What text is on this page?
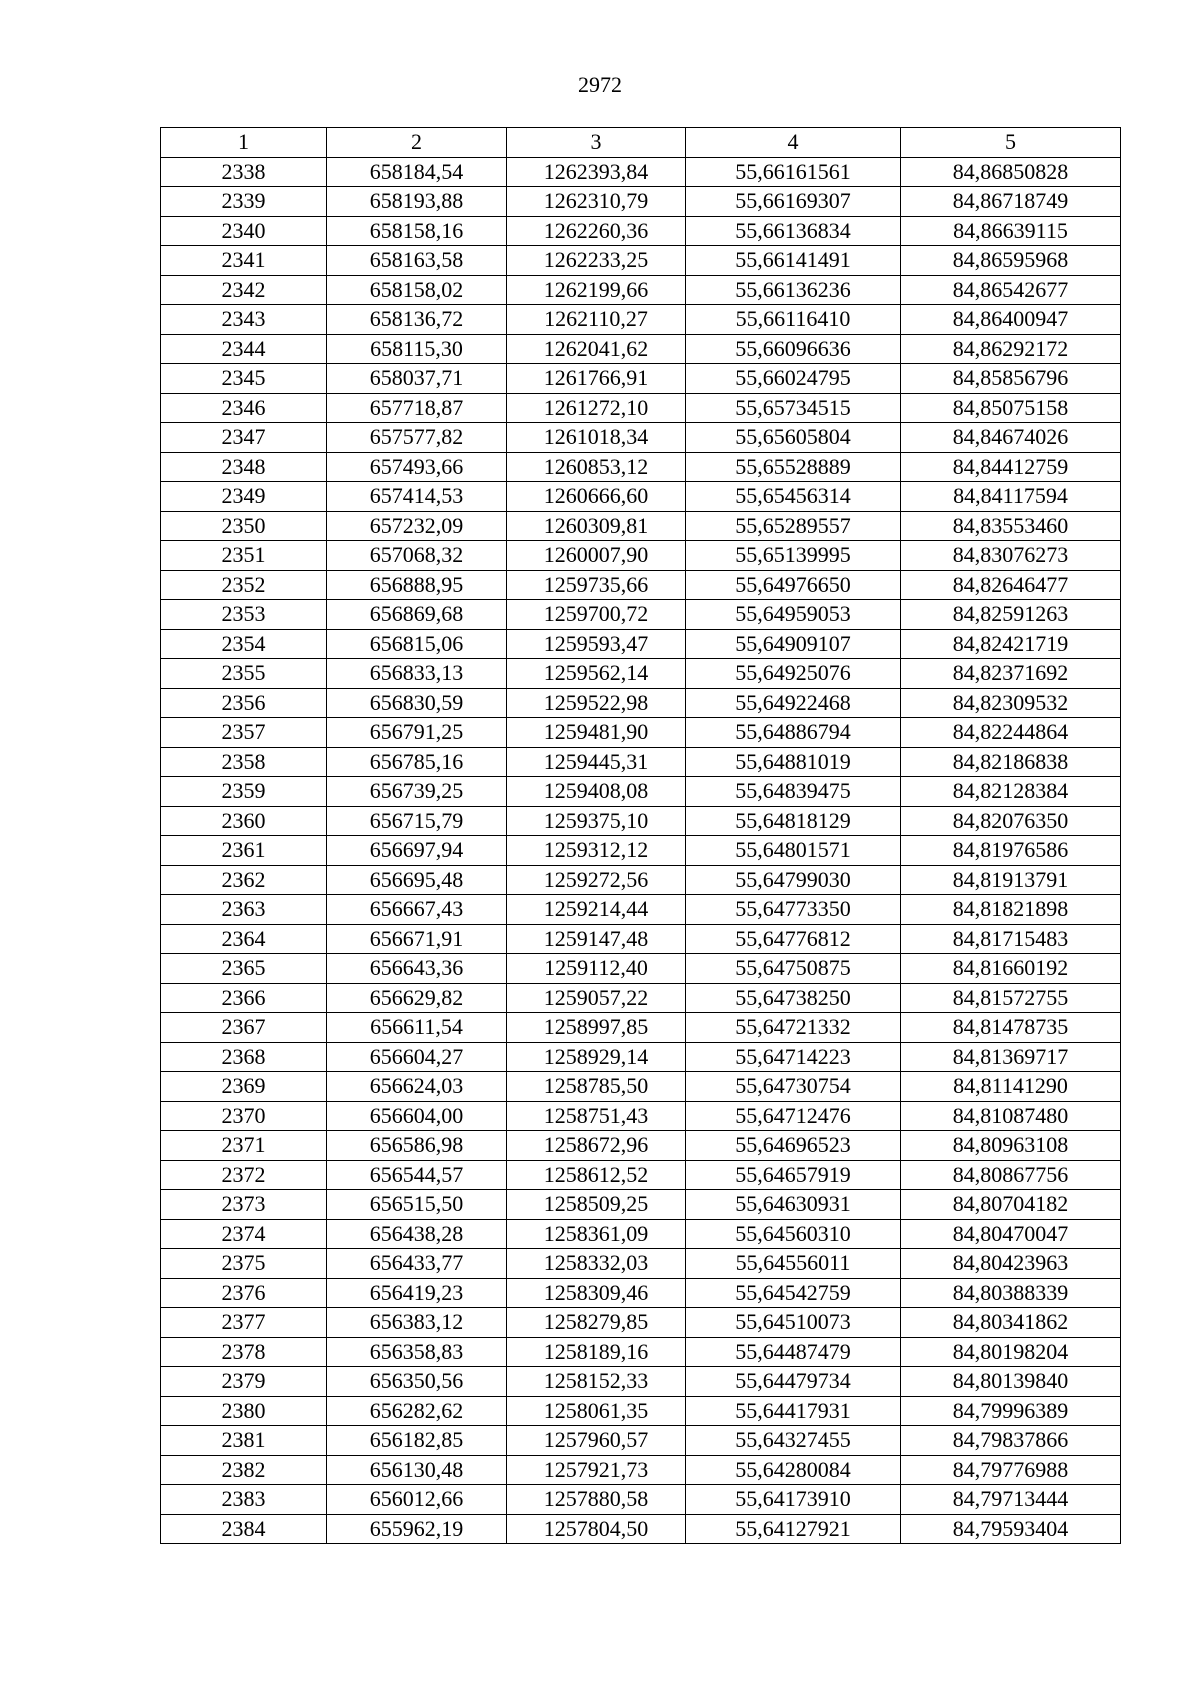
2972
1	2	3	4	5
2338	658184,54	1262393,84	55,66161561	84,86850828
2339	658193,88	1262310,79	55,66169307	84,86718749
2340	658158,16	1262260,36	55,66136834	84,86639115
2341	658163,58	1262233,25	55,66141491	84,86595968
2342	658158,02	1262199,66	55,66136236	84,86542677
2343	658136,72	1262110,27	55,66116410	84,86400947
2344	658115,30	1262041,62	55,66096636	84,86292172
2345	658037,71	1261766,91	55,66024795	84,85856796
2346	657718,87	1261272,10	55,65734515	84,85075158
2347	657577,82	1261018,34	55,65605804	84,84674026
2348	657493,66	1260853,12	55,65528889	84,84412759
2349	657414,53	1260666,60	55,65456314	84,84117594
2350	657232,09	1260309,81	55,65289557	84,83553460
2351	657068,32	1260007,90	55,65139995	84,83076273
2352	656888,95	1259735,66	55,64976650	84,82646477
2353	656869,68	1259700,72	55,64959053	84,82591263
2354	656815,06	1259593,47	55,64909107	84,82421719
2355	656833,13	1259562,14	55,64925076	84,82371692
2356	656830,59	1259522,98	55,64922468	84,82309532
2357	656791,25	1259481,90	55,64886794	84,82244864
2358	656785,16	1259445,31	55,64881019	84,82186838
2359	656739,25	1259408,08	55,64839475	84,82128384
2360	656715,79	1259375,10	55,64818129	84,82076350
2361	656697,94	1259312,12	55,64801571	84,81976586
2362	656695,48	1259272,56	55,64799030	84,81913791
2363	656667,43	1259214,44	55,64773350	84,81821898
2364	656671,91	1259147,48	55,64776812	84,81715483
2365	656643,36	1259112,40	55,64750875	84,81660192
2366	656629,82	1259057,22	55,64738250	84,81572755
2367	656611,54	1258997,85	55,64721332	84,81478735
2368	656604,27	1258929,14	55,64714223	84,81369717
2369	656624,03	1258785,50	55,64730754	84,81141290
2370	656604,00	1258751,43	55,64712476	84,81087480
2371	656586,98	1258672,96	55,64696523	84,80963108
2372	656544,57	1258612,52	55,64657919	84,80867756
2373	656515,50	1258509,25	55,64630931	84,80704182
2374	656438,28	1258361,09	55,64560310	84,80470047
2375	656433,77	1258332,03	55,64556011	84,80423963
2376	656419,23	1258309,46	55,64542759	84,80388339
2377	656383,12	1258279,85	55,64510073	84,80341862
2378	656358,83	1258189,16	55,64487479	84,80198204
2379	656350,56	1258152,33	55,64479734	84,80139840
2380	656282,62	1258061,35	55,64417931	84,79996389
2381	656182,85	1257960,57	55,64327455	84,79837866
2382	656130,48	1257921,73	55,64280084	84,79776988
2383	656012,66	1257880,58	55,64173910	84,79713444
2384	655962,19	1257804,50	55,64127921	84,79593404
